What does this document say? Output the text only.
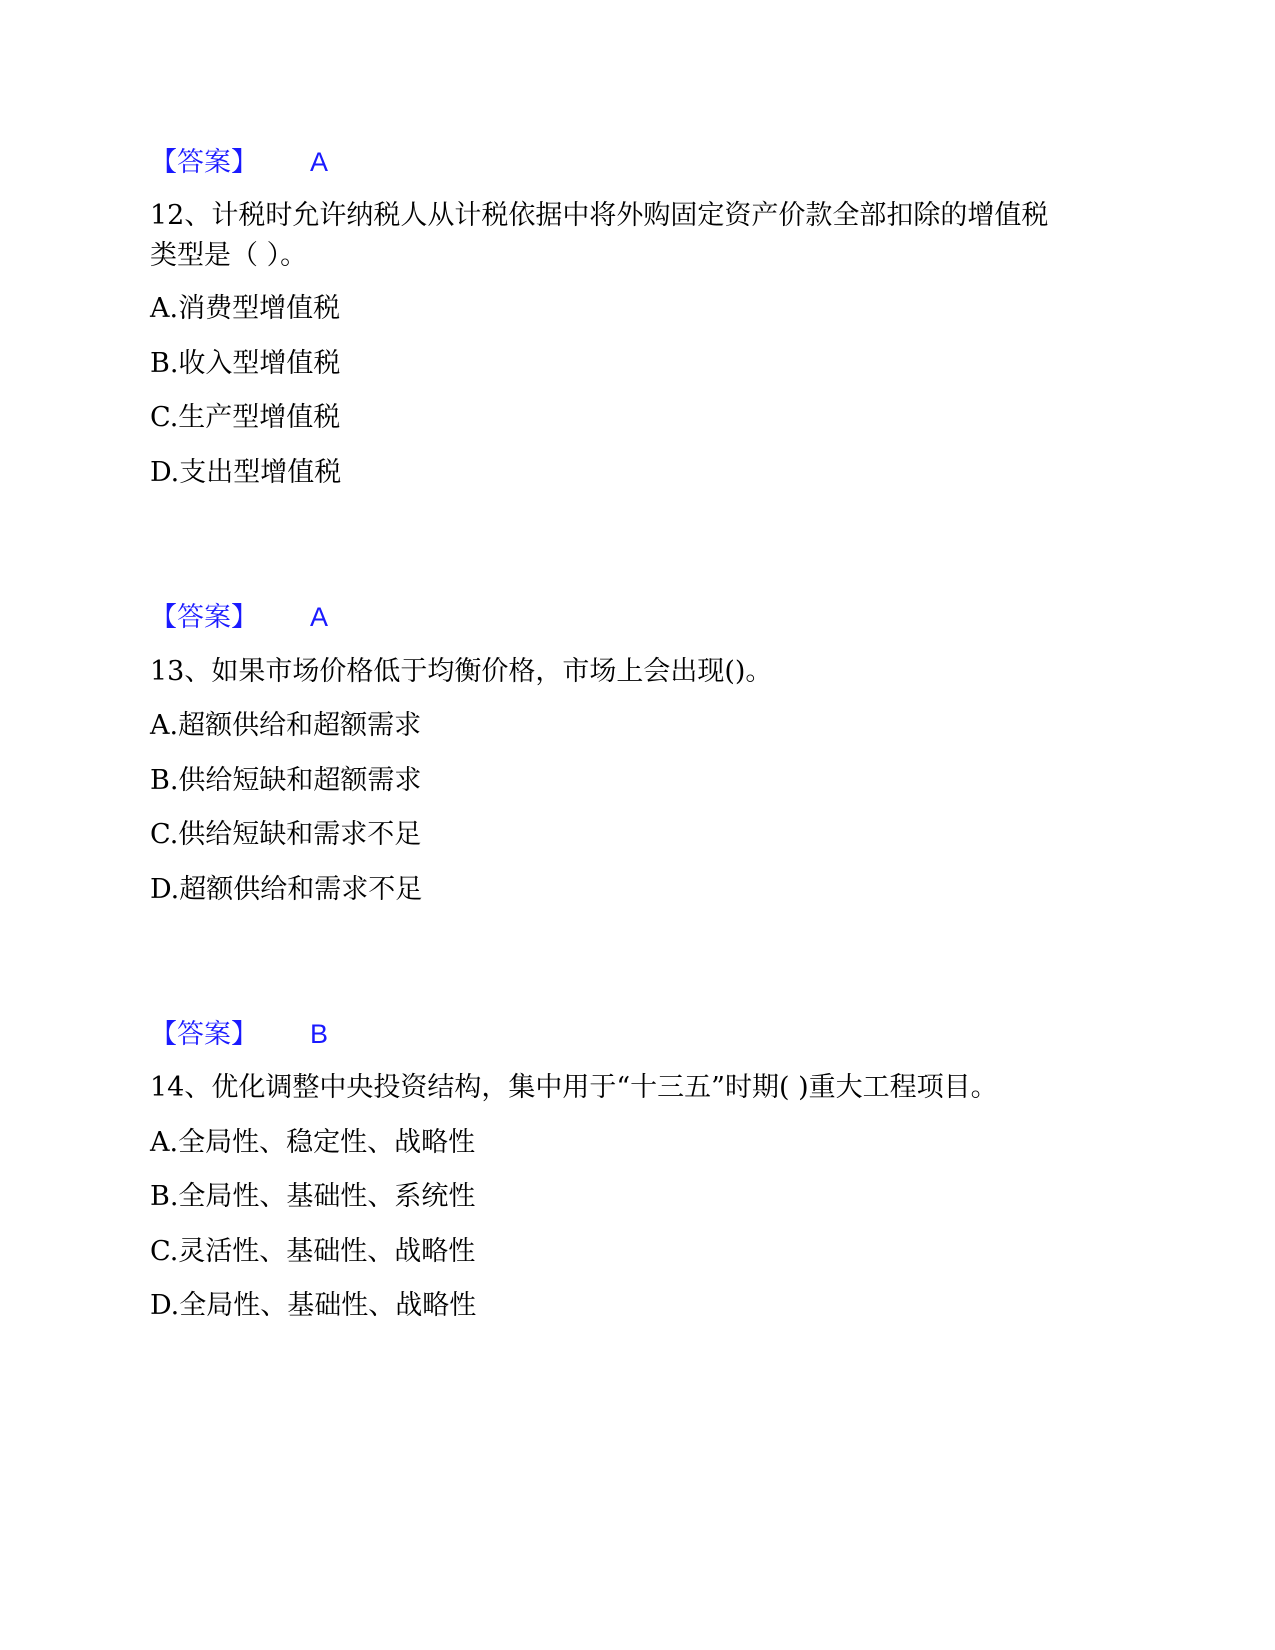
【答案】 A
12、计税时允许纳税人从计税依据中将外购固定资产价款全部扣除的增值税
类型是（ ）。
A.消费型增值税
B.收入型增值税
C.生产型增值税
D.支出型增值税
【答案】 A
13、如果市场价格低于均衡价格，市场上会出现()。
A.超额供给和超额需求
B.供给短缺和超额需求
C.供给短缺和需求不足
D.超额供给和需求不足
【答案】 B
14、优化调整中央投资结构，集中用于“十三五”时期( )重大工程项目。
A.全局性、稳定性、战略性
B.全局性、基础性、系统性
C.灵活性、基础性、战略性
D.全局性、基础性、战略性
